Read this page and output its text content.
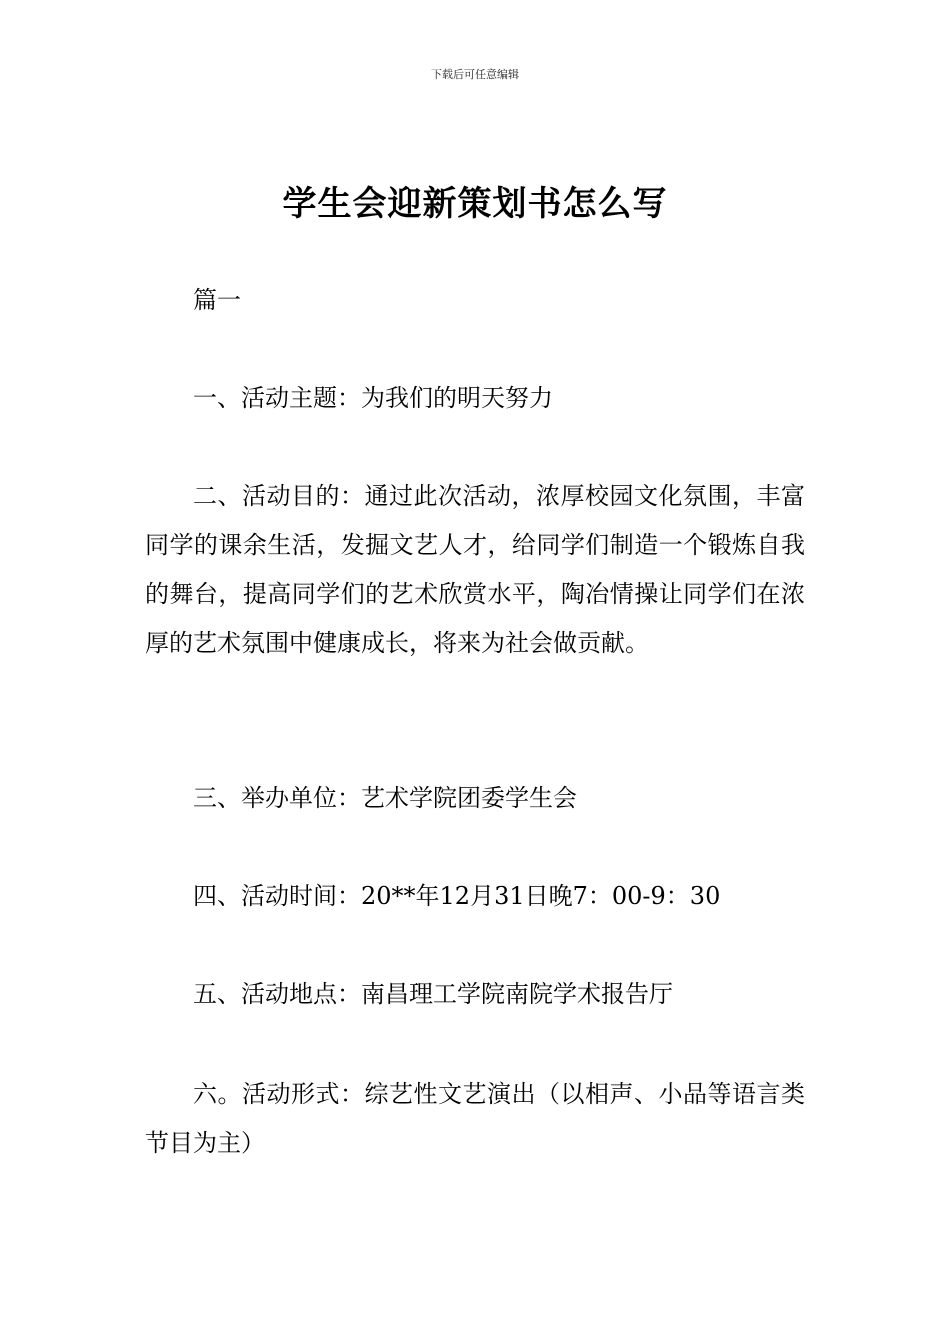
下载后可任意编辑
学生会迎新策划书怎么写

篇一

一、活动主题：为我们的明天努力

二、活动目的：通过此次活动，浓厚校园文化氛围，丰富同学的课余生活，发掘文艺人才，给同学们制造一个锻炼自我的舞台，提高同学们的艺术欣赏水平，陶冶情操让同学们在浓厚的艺术氛围中健康成长，将来为社会做贡献。

三、举办单位：艺术学院团委学生会

四、活动时间：20**年12月31日晚7：00-9：30

五、活动地点：南昌理工学院南院学术报告厅

六。活动形式：综艺性文艺演出（以相声、小品等语言类节目为主）
